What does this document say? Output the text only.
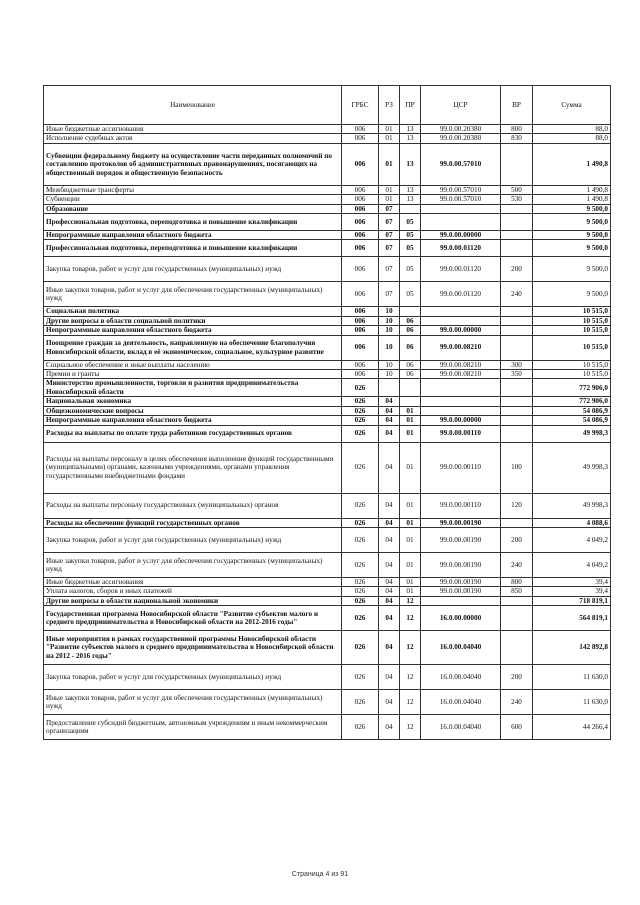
Наименование	ГРБС	РЗ	ПР	ЦСР	ВР	Сумма
Иные бюджетные ассигнования	006	01	13	99.0.00.20380	800	88,0
Исполнение судебных актов	006	01	13	99.0.00.20380	830	88,0
Субвенции федеральному бюджету на осуществление части переданных полномочий по составлению протоколов об административных правонарушениях, посягающих на общественный порядок и общественную безопасность	006	01	13	99.0.00.57010		1 490,8
Межбюджетные трансферты	006	01	13	99.0.00.57010	500	1 490,8
Субвенции	006	01	13	99.0.00.57010	530	1 490,8
Образование	006	07				9 500,0
Профессиональная подготовка, переподготовка и повышение квалификации	006	07	05			9 500,0
Непрограммные направления областного бюджета	006	07	05	99.0.00.00000		9 500,0
Профессиональная подготовка, переподготовка и повышение квалификации	006	07	05	99.0.00.01120		9 500,0
Закупка товаров, работ и услуг для государственных (муниципальных) нужд	006	07	05	99.0.00.01120	200	9 500,0
Иные закупки товаров, работ и услуг для обеспечения государственных (муниципальных) нужд	006	07	05	99.0.00.01120	240	9 500,0
Социальная политика	006	10				10 515,0
Другие вопросы в области социальной политики	006	10	06			10 515,0
Непрограммные направления областного бюджета	006	10	06	99.0.00.00000		10 515,0
Поощрение граждан за деятельность, направленную на обеспечение благополучия Новосибирской области, вклад в её экономическое, социальное, культурное развитие	006	10	06	99.0.00.08210		10 515,0
Социальное обеспечение и иные выплаты населению	006	10	06	99.0.00.08210	300	10 515,0
Премии и гранты	006	10	06	99.0.00.08210	350	10 515,0
Министерство промышленности, торговли и развития предпринимательства Новосибирской области	026					772 906,0
Национальная экономика	026	04				772 906,0
Общеэкономические вопросы	026	04	01			54 086,9
Непрограммные направления областного бюджета	026	04	01	99.0.00.00000		54 086,9
Расходы на выплаты по оплате труда работников государственных органов	026	04	01	99.0.00.00110		49 998,3
Расходы на выплаты персоналу в целях обеспечения выполнения функций государственными (муниципальными) органами, казенными учреждениями, органами управления государственными внебюджетными фондами	026	04	01	99.0.00.00110	100	49 998,3
Расходы на выплаты персоналу государственных (муниципальных) органов	026	04	01	99.0.00.00110	120	49 998,3
Расходы на обеспечение функций государственных органов	026	04	01	99.0.00.00190		4 088,6
Закупка товаров, работ и услуг для государственных (муниципальных) нужд	026	04	01	99.0.00.00190	200	4 049,2
Иные закупки товаров, работ и услуг для обеспечения государственных (муниципальных) нужд	026	04	01	99.0.00.00190	240	4 049,2
Иные бюджетные ассигнования	026	04	01	99.0.00.00190	800	39,4
Уплата налогов, сборов и иных платежей	026	04	01	99.0.00.00190	850	39,4
Другие вопросы в области национальной экономики	026	04	12			718 819,1
Государственная программа Новосибирской области "Развитие субъектов малого и среднего предпринимательства в Новосибирской области на 2012-2016 годы"	026	04	12	16.0.00.00000		564 819,1
Иные мероприятия в рамках государственной программы Новосибирской области "Развитие субъектов малого и среднего предпринимательства в Новосибирской области на 2012 - 2016 годы"	026	04	12	16.0.00.04040		142 892,8
Закупка товаров, работ и услуг для государственных (муниципальных) нужд	026	04	12	16.0.00.04040	200	11 630,0
Иные закупки товаров, работ и услуг для обеспечения государственных (муниципальных) нужд	026	04	12	16.0.00.04040	240	11 630,0
Предоставление субсидий бюджетным, автономным учреждениям и иным некоммерческим организациям	026	04	12	16.0.00.04040	600	44 266,4
Страница 4 из 91
